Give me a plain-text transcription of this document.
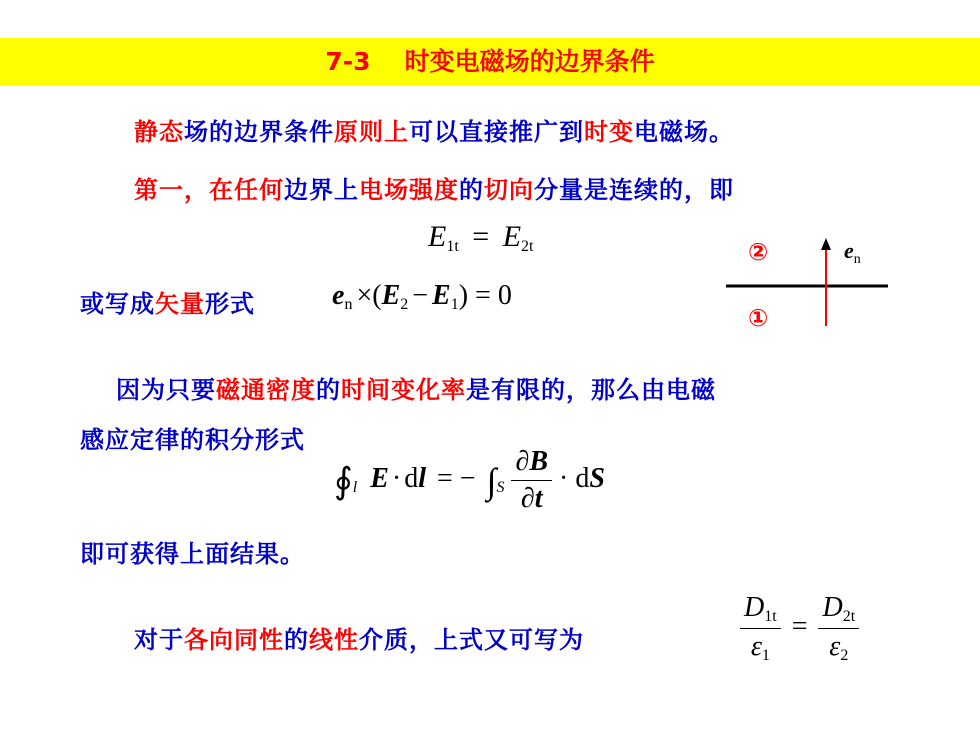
7-3 时变电磁场的边界条件
静态场的边界条件原则上可以直接推广到时变电磁场。
第一，在任何边界上电场强度的切向分量是连续的，即
$E_{1t} = E_{2t}$
或写成矢量形式	$e_n \times(E_2 - E_1) = 0$
②
①
$e_n$
因为只要磁通密度的时间变化率是有限的，那么由电磁
感应定律的积分形式
$∮_l$ E · dl = − $\int_S \frac{\partial B}{\partial t}$ · dS
即可获得上面结果。
对于各向同性的线性介质，上式又可写为	$\frac{D_{1t}}{\varepsilon_1} = \frac{D_{2t}}{\varepsilon_2}$
